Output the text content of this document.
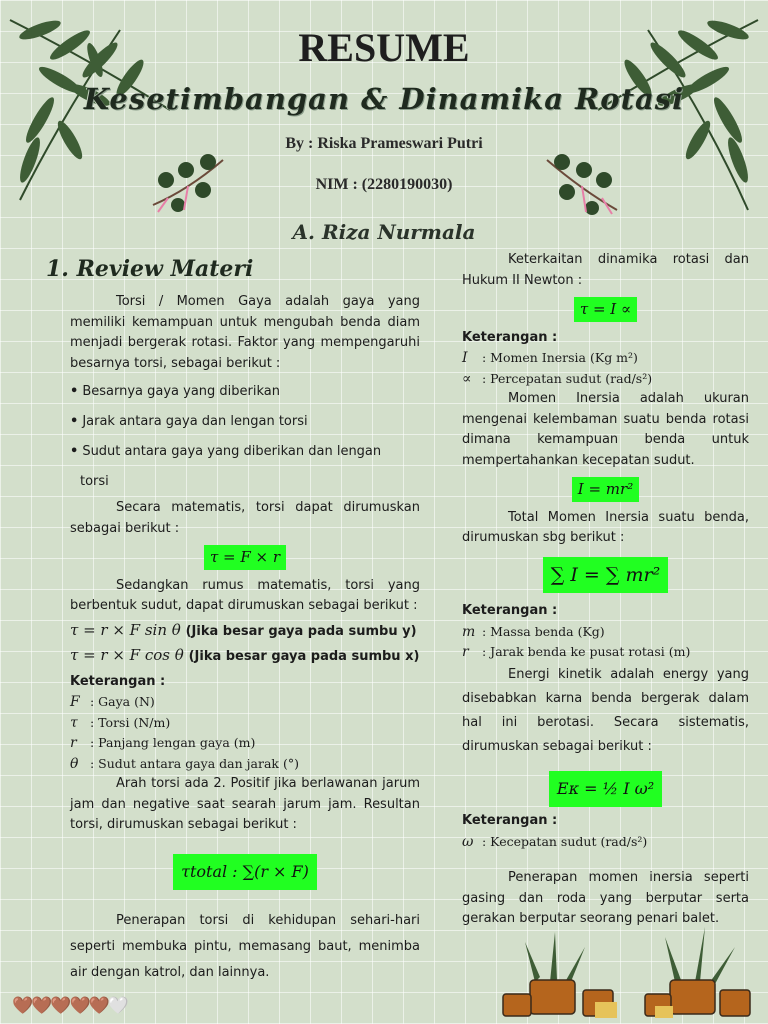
🤎🤎🤎🤎🤎🤍
RESUME
Kesetimbangan & Dinamika Rotasi
By : Riska Prameswari Putri
NIM : (2280190030)
A. Riza Nurmala
1. Review Materi

Torsi / Momen Gaya adalah gaya yang memiliki kemampuan untuk mengubah benda diam menjadi bergerak rotasi. Faktor yang mempengaruhi besarnya torsi, sebagai berikut :

• Besarnya gaya yang diberikan
• Jarak antara gaya dan lengan torsi
• Sudut antara gaya yang diberikan dan lengan
torsi

Secara matematis, torsi dapat dirumuskan sebagai berikut :

τ = F × r

Sedangkan rumus matematis, torsi yang berbentuk sudut, dapat dirumuskan sebagai berikut :

τ = r × F sin θ (Jika besar gaya pada sumbu y)
τ = r × F cos θ (Jika besar gaya pada sumbu x)
Keterangan :
F : Gaya (N)
τ : Torsi (N/m)
r : Panjang lengan gaya (m)
θ : Sudut antara gaya dan jarak (°)

Arah torsi ada 2. Positif jika berlawanan jarum jam dan negative saat searah jarum jam. Resultan torsi, dirumuskan sebagai berikut :

τtotal : ∑(r × F)

Penerapan torsi di kehidupan sehari-hari seperti membuka pintu, memasang baut, menimba air dengan katrol, dan lainnya.

Keterkaitan dinamika rotasi dan Hukum II Newton :

τ = I ∝
Keterangan :
I : Momen Inersia (Kg m²)
∝ : Percepatan sudut (rad/s²)

Momen Inersia adalah ukuran mengenai kelembaman suatu benda rotasi dimana kemampuan benda untuk mempertahankan kecepatan sudut.

I = mr²

Total Momen Inersia suatu benda, dirumuskan sbg berikut :

∑ I = ∑ mr²
Keterangan :
m : Massa benda (Kg)
r : Jarak benda ke pusat rotasi (m)

Energi kinetik adalah energy yang disebabkan karna benda bergerak dalam hal ini berotasi. Secara sistematis, dirumuskan sebagai berikut :

Eκ = ½ I ω²
Keterangan :
ω : Kecepatan sudut (rad/s²)

Penerapan momen inersia seperti gasing dan roda yang berputar serta gerakan berputar seorang penari balet.
